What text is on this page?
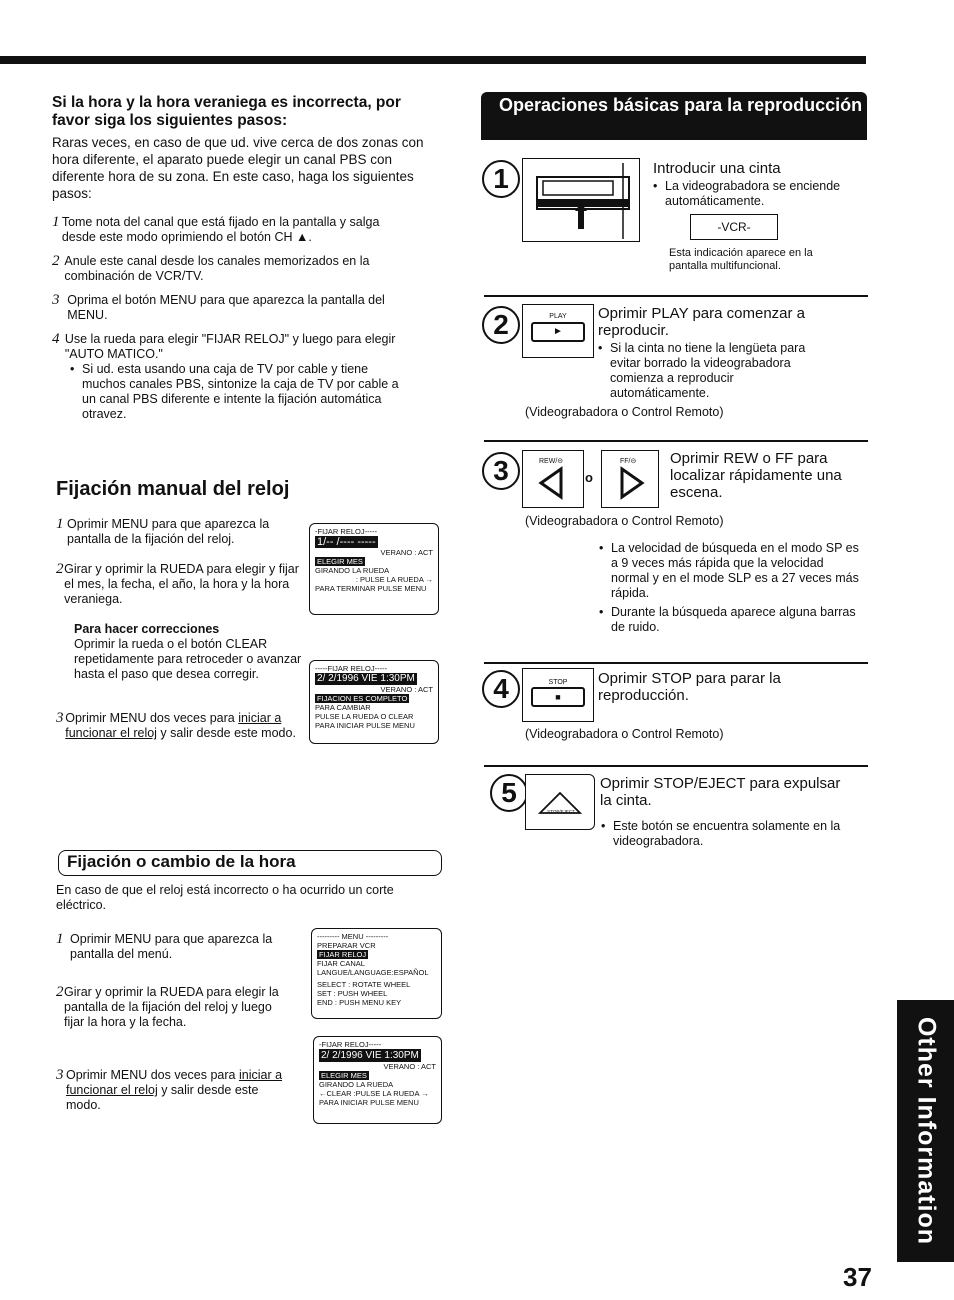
Si la hora y la hora veraniega es incorrecta, por favor siga los siguientes pasos:
Raras veces, en caso de que ud. vive cerca de dos zonas con hora diferente, el aparato puede elegir un canal PBS con diferente hora de su zona. En este caso, haga los siguientes pasos:
1 Tome nota del canal que está fijado en la pantalla y salga desde este modo oprimiendo el botón CH ▲.
2 Anule este canal desde los canales memorizados en la combinación de VCR/TV.
3 Oprima el botón MENU para que aparezca la pantalla del MENU.
4 Use la rueda para elegir "FIJAR RELOJ" y luego para elegir "AUTO MATICO."
• Si ud. esta usando una caja de TV por cable y tiene muchos canales PBS, sintonize la caja de TV por cable a un canal PBS diferente e intente la fijación automática otravez.
Fijación manual del reloj
1 Oprimir MENU para que aparezca la pantalla de la fijación del reloj.
2 Girar y oprimir la RUEDA para elegir y fijar el mes, la fecha, el año, la hora y la hora veraniega.
Para hacer correcciones
Oprimir la rueda o el botón CLEAR repetidamente para retroceder o avanzar hasta el paso que desea corregir.
3 Oprimir MENU dos veces para iniciar a funcionar el reloj y salir desde este modo.
-FIJAR RELOJ-----
1/-- /---- -----
VERANO : ACT
ELEGIR MES
GIRANDO LA RUEDA
: PULSE LA RUEDA →
PARA TERMINAR PULSE MENU
-----FIJAR RELOJ-----
2/ 2/1996 VIE 1:30PM
VERANO : ACT
FIJACION ES COMPLETO
PARA CAMBIAR
PULSE LA RUEDA O CLEAR
PARA INICIAR PULSE MENU
Fijación o cambio de la hora
En caso de que el reloj está incorrecto o ha ocurrido un corte eléctrico.
1 Oprimir MENU para que aparezca la pantalla del menú.
2 Girar y oprimir la RUEDA para elegir la pantalla de la fijación del reloj y luego fijar la hora y la fecha.
3 Oprimir MENU dos veces para iniciar a funcionar el reloj y salir desde este modo.
--------- MENU ---------
PREPARAR VCR
FIJAR RELOJ
FIJAR CANAL
LANGUE/LANGUAGE:ESPAÑOL
SELECT : ROTATE WHEEL
SET : PUSH WHEEL
END : PUSH MENU KEY
-FIJAR RELOJ-----
2/ 2/1996 VIE 1:30PM
VERANO : ACT
ELEGIR MES
GIRANDO LA RUEDA
←CLEAR :PULSE LA RUEDA →
PARA INICIAR PULSE MENU
Operaciones básicas para la reproducción
1	Introducir una cinta
• La videograbadora se enciende automáticamente.
-VCR-
Esta indicación aparece en la pantalla multifuncional.
2	PLAY
►
Oprimir PLAY para comenzar a reproducir.
• Si la cinta no tiene la lengüeta para evitar borrado la videograbadora comienza a reproducir automáticamente.
(Videograbadora o Control Remoto)
3	REW/⊝
o
FF/⊝	Oprimir REW o FF para localizar rápidamente una escena.
(Videograbadora o Control Remoto)
• La velocidad de búsqueda en el modo SP es a 9 veces más rápida que la velocidad normal y en el mode SLP es a 27 veces más rápida.
• Durante la búsqueda aparece alguna barras de ruido.
4	STOP
■
Oprimir STOP para parar la reproducción.
(Videograbadora o Control Remoto)
5
STOP/EJECT
Oprimir STOP/EJECT para expulsar la cinta.
• Este botón se encuentra solamente en la videograbadora.
Other Information
37
